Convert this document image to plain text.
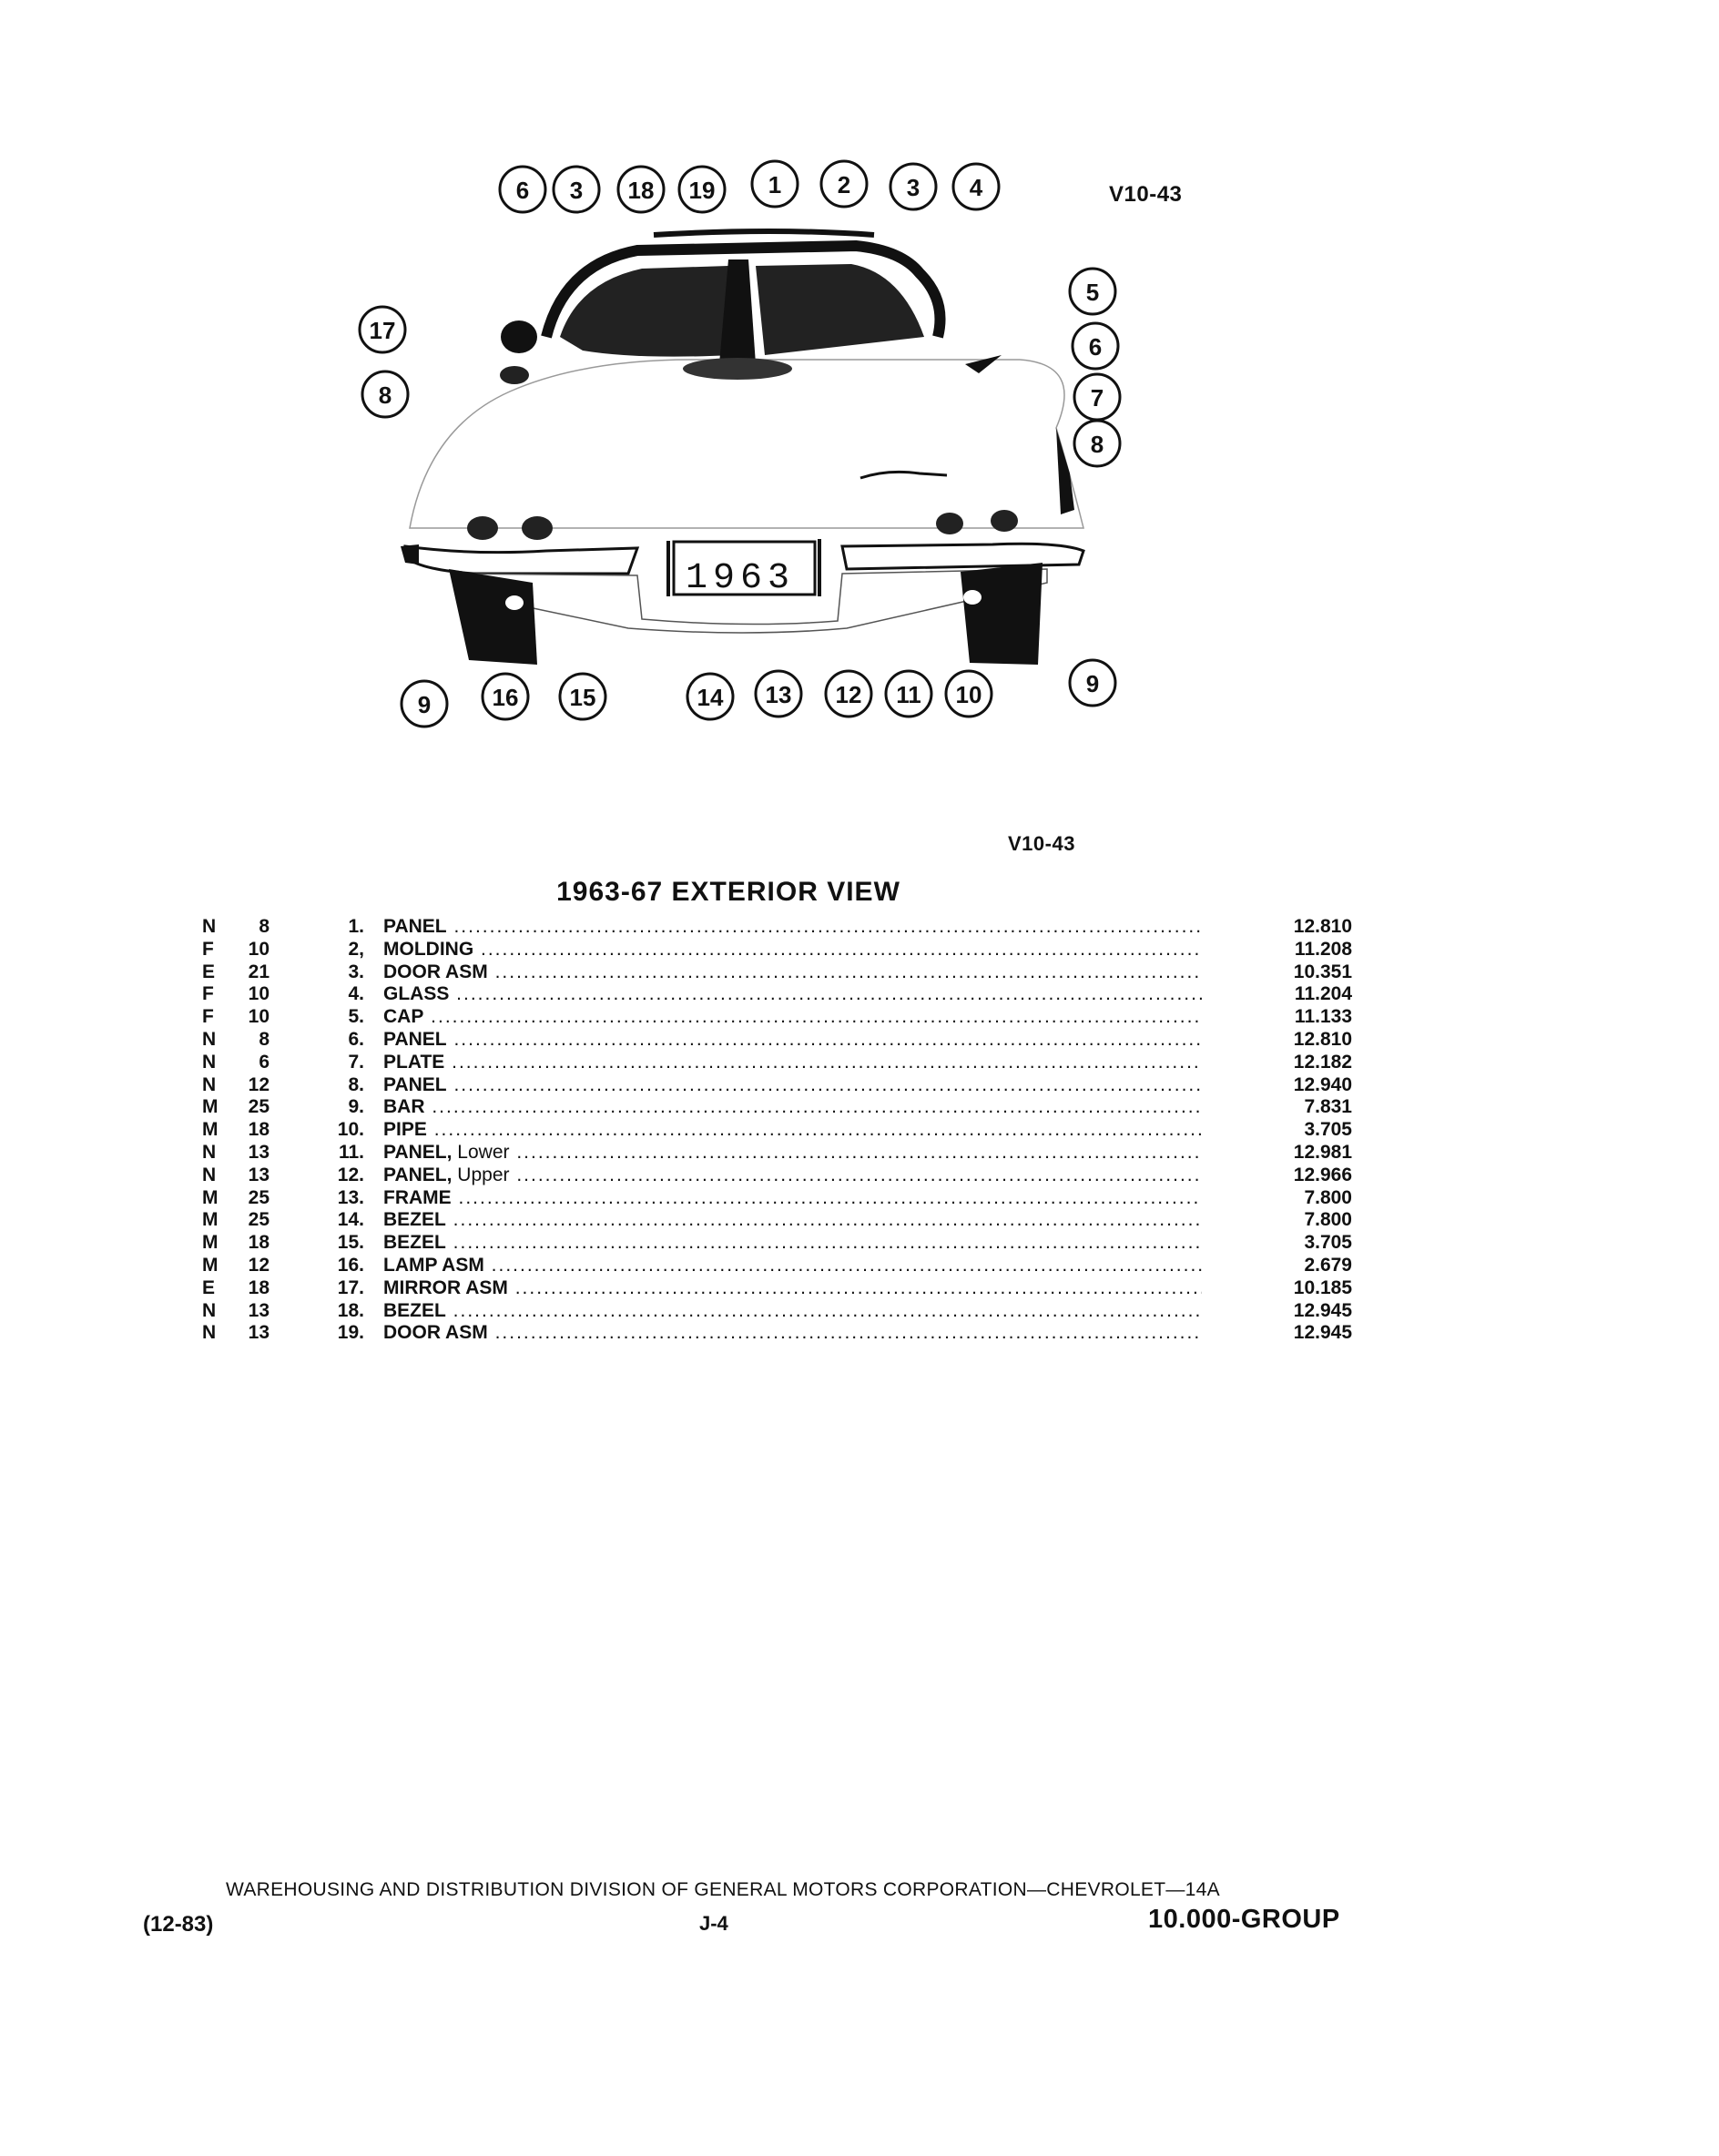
1963
6 3 18 19 1 2 3 4
17
8
5
6
7
8
9	16 15	14 13 12 11 10	9
V10-43
V10-43
1963-67 EXTERIOR VIEW
N	8	1. PANEL .....	12.810
F	10	2, MOLDING .....	11.208
E	21	3. DOOR ASM .....	10.351
F	10	4. GLASS .....	11.204
F	10	5. CAP .....	11.133
N	8	6. PANEL .....	12.810
N	6	7. PLATE .....	12.182
N	12	8. PANEL .....	12.940
M	25	9. BAR .....	7.831
M	18	10. PIPE .....	3.705
N	13	11. PANEL, Lower .....	12.981
N	13	12. PANEL, Upper .....	12.966
M	25	13. FRAME .....	7.800
M	25	14. BEZEL .....	7.800
M	18	15. BEZEL .....	3.705
M	12	16. LAMP ASM .....	2.679
E	18	17. MIRROR ASM .....	10.185
N	13	18. BEZEL .....	12.945
N	13	19. DOOR ASM .....	12.945
WAREHOUSING AND DISTRIBUTION DIVISION OF GENERAL MOTORS CORPORATION—CHEVROLET—14A
(12-83)	J-4	10.000-GROUP
